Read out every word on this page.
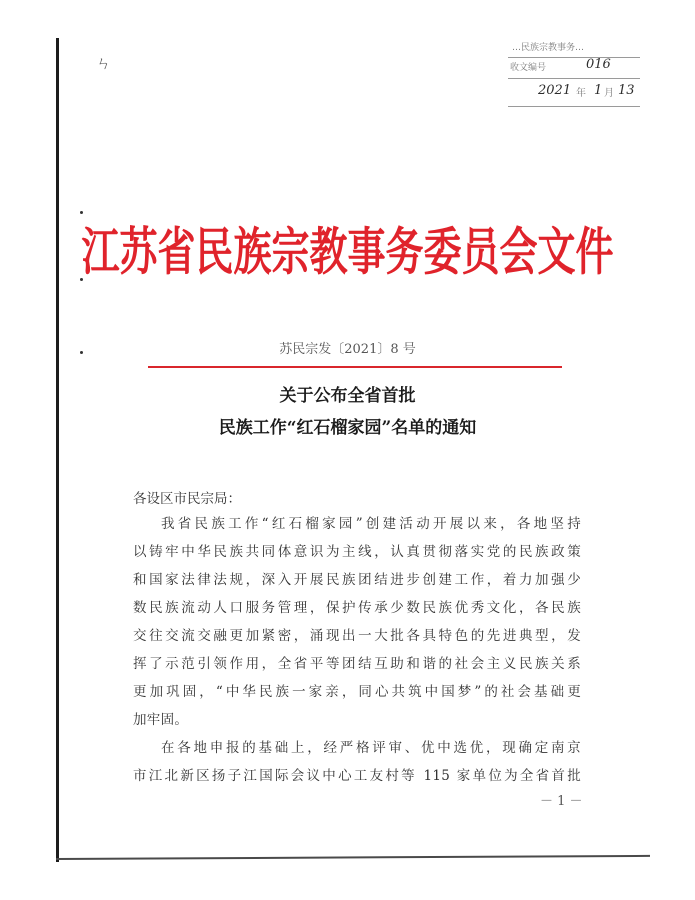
ㄣ
…民族宗教事务…
收文编号	016
2021 年 1 月 13
江苏省民族宗教事务委员会文件
苏民宗发〔2021〕8 号
关于公布全省首批
民族工作“红石榴家园”名单的通知
各设区市民宗局：
我省民族工作“红石榴家园”创建活动开展以来，各地坚持
以铸牢中华民族共同体意识为主线，认真贯彻落实党的民族政策
和国家法律法规，深入开展民族团结进步创建工作，着力加强少
数民族流动人口服务管理，保护传承少数民族优秀文化，各民族
交往交流交融更加紧密，涌现出一大批各具特色的先进典型，发
挥了示范引领作用，全省平等团结互助和谐的社会主义民族关系
更加巩固，“中华民族一家亲，同心共筑中国梦”的社会基础更
加牢固。
在各地申报的基础上，经严格评审、优中选优，现确定南京
市江北新区扬子江国际会议中心工友村等 115 家单位为全省首批
－ 1 －
